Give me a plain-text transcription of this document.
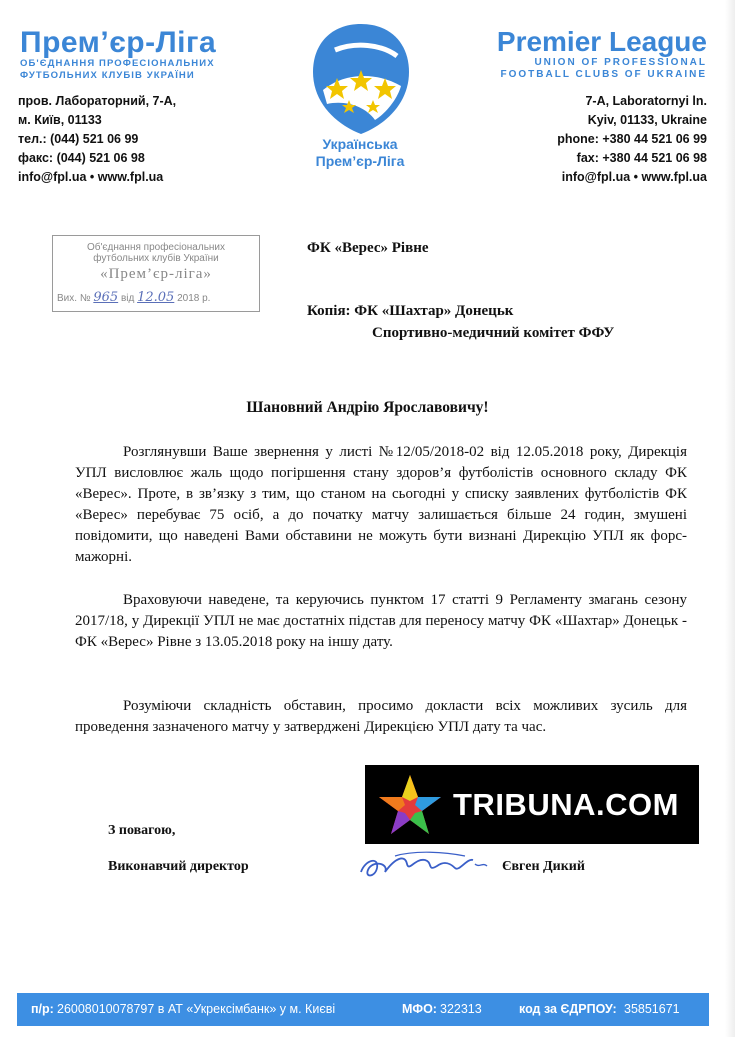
Прем’єр-Ліга
ОБ'ЄДНАННЯ ПРОФЕСІОНАЛЬНИХ
ФУТБОЛЬНИХ КЛУБІВ УКРАЇНИ
пров. Лабораторний, 7-А,
м. Київ, 01133
тел.: (044) 521 06 99
факс: (044) 521 06 98
info@fpl.ua • www.fpl.ua
Українська
Прем’єр-Ліга
Premier League
UNION OF PROFESSIONAL
FOOTBALL CLUBS OF UKRAINE
7-A, Laboratornyi ln.
Kyiv, 01133, Ukraine
phone: +380 44 521 06 99
fax: +380 44 521 06 98
info@fpl.ua • www.fpl.ua
Об'єднання професіональних
футбольних клубів України
«Прем’єр-ліга»
Вих. № 965 від 12.05 2018 р.
ФК «Верес» Рівне
Копія: ФК «Шахтар» Донецьк
Спортивно-медичний комітет ФФУ
Шановний Андрію Ярославовичу!
Розглянувши Ваше звернення у листі №12/05/2018-02 від 12.05.2018 року, Дирекція УПЛ висловлює жаль щодо погіршення стану здоров’я футболістів основного складу ФК «Верес». Проте, в зв’язку з тим, що станом на сьогодні у списку заявлених футболістів ФК «Верес» перебуває 75 осіб, а до початку матчу залишається більше 24 годин, змушені повідомити, що наведені Вами обставини не можуть бути визнані Дирекцію УПЛ як форс-мажорні.
Враховуючи наведене, та керуючись пунктом 17 статті 9 Регламенту змагань сезону 2017/18, у Дирекції УПЛ не має достатніх підстав для переносу матчу ФК «Шахтар» Донецьк - ФК «Верес» Рівне з 13.05.2018 року на іншу дату.
Розуміючи складність обставин, просимо докласти всіх можливих зусиль для проведення зазначеного матчу у затверджені Дирекцією УПЛ дату та час.
З повагою,
Виконавчий директор	Євген Дикий
TRIBUNA.COM
п/р: 26008010078797 в АТ «Укрексімбанк» у м. Києві	МФО: 322313	код за ЄДРПОУ: 35851671
